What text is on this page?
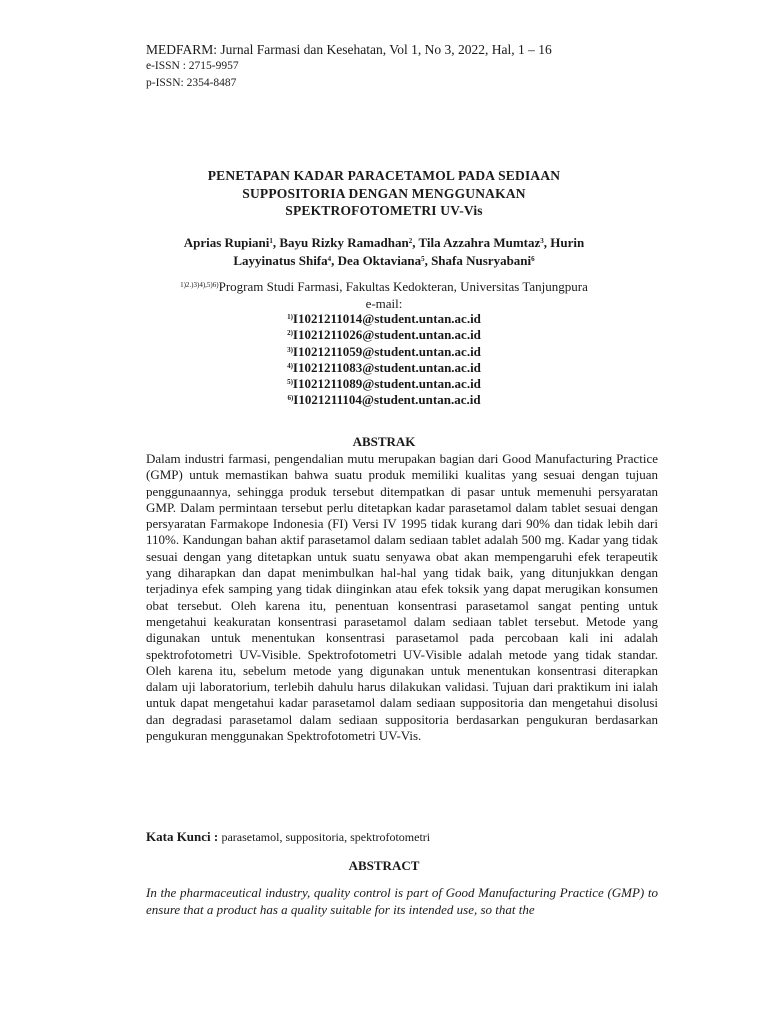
MEDFARM: Jurnal Farmasi dan Kesehatan, Vol 1, No 3, 2022, Hal, 1 – 16
e-ISSN : 2715-9957
p-ISSN: 2354-8487
PENETAPAN KADAR PARACETAMOL PADA SEDIAAN
SUPPOSITORIA DENGAN MENGGUNAKAN
SPEKTROFOTOMETRI UV-Vis
Aprias Rupiani$^1$, Bayu Rizky Ramadhan$^2$, Tila Azzahra Mumtaz$^3$, Hurin
Layyinatus Shifa$^4$, Dea Oktaviana$^5$, Shafa Nusryabani$^6$
$^{1)2.)3)4),5)6)}$Program Studi Farmasi, Fakultas Kedokteran, Universitas Tanjungpura
e-mail:
$^{1)}$I1021211014@student.untan.ac.id
$^{2)}$I1021211026@student.untan.ac.id
$^{3)}$I1021211059@student.untan.ac.id
$^{4)}$I1021211083@student.untan.ac.id
$^{5)}$I1021211089@student.untan.ac.id
$^{6)}$I1021211104@student.untan.ac.id
ABSTRAK
Dalam industri farmasi, pengendalian mutu merupakan bagian dari Good Manufacturing Practice (GMP) untuk memastikan bahwa suatu produk memiliki kualitas yang sesuai dengan tujuan penggunaannya, sehingga produk tersebut ditempatkan di pasar untuk memenuhi persyaratan GMP. Dalam permintaan tersebut perlu ditetapkan kadar parasetamol dalam tablet sesuai dengan persyaratan Farmakope Indonesia (FI) Versi IV 1995 tidak kurang dari 90% dan tidak lebih dari 110%. Kandungan bahan aktif parasetamol dalam sediaan tablet adalah 500 mg. Kadar yang tidak sesuai dengan yang ditetapkan untuk suatu senyawa obat akan mempengaruhi efek terapeutik yang diharapkan dan dapat menimbulkan hal-hal yang tidak baik, yang ditunjukkan dengan terjadinya efek samping yang tidak diinginkan atau efek toksik yang dapat merugikan konsumen obat tersebut. Oleh karena itu, penentuan konsentrasi parasetamol sangat penting untuk mengetahui keakuratan konsentrasi parasetamol dalam sediaan tablet tersebut. Metode yang digunakan untuk menentukan konsentrasi parasetamol pada percobaan kali ini adalah spektrofotometri UV-Visible. Spektrofotometri UV-Visible adalah metode yang tidak standar. Oleh karena itu, sebelum metode yang digunakan untuk menentukan konsentrasi diterapkan dalam uji laboratorium, terlebih dahulu harus dilakukan validasi. Tujuan dari praktikum ini ialah untuk dapat mengetahui kadar parasetamol dalam sediaan suppositoria dan mengetahui disolusi dan degradasi parasetamol dalam sediaan suppositoria berdasarkan pengukuran berdasarkan pengukuran menggunakan Spektrofotometri UV-Vis.
Kata Kunci : parasetamol, suppositoria, spektrofotometri
ABSTRACT
In the pharmaceutical industry, quality control is part of Good Manufacturing Practice (GMP) to ensure that a product has a quality suitable for its intended use, so that the
